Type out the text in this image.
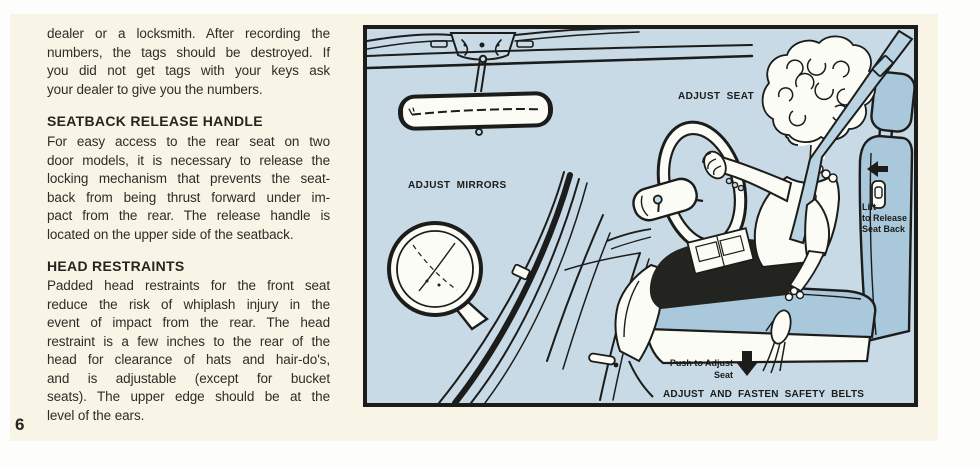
dealer or a locksmith. After recording the
numbers, the tags should be destroyed. If
you did not get tags with your keys ask
your dealer to give you the numbers.
SEATBACK RELEASE HANDLE
For easy access to the rear seat on two
door models, it is necessary to release the
locking mechanism that prevents the seat-
back from being thrust forward under im-
pact from the rear. The release handle is
located on the upper side of the seatback.
HEAD RESTRAINTS
Padded head restraints for the front seat
reduce the risk of whiplash injury in the
event of impact from the rear. The head
restraint is a few inches to the rear of the
head for clearance of hats and hair-do's,
and is adjustable (except for bucket
seats). The upper edge should be at the
level of the ears.
6
ADJUST MIRRORS
ADJUST SEAT
Lift
to Release
Seat Back
Push to Adjust
Seat
ADJUST AND FASTEN SAFETY BELTS
